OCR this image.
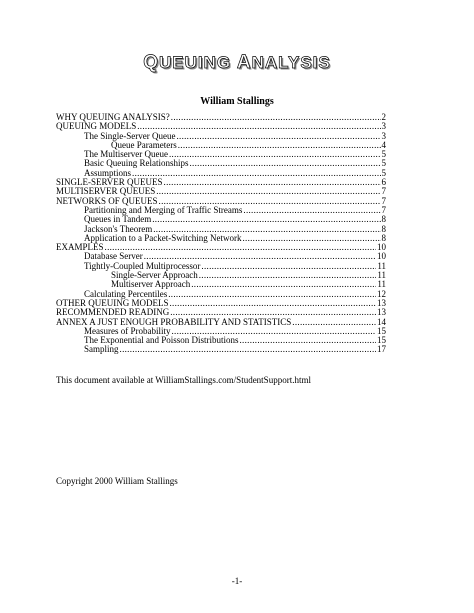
QUEUING ANALYSIS
William Stallings
WHY QUEUING ANALYSIS? .....	2
QUEUING MODELS .....	3
The Single-Server Queue .....	3
Queue Parameters .....	4
The Multiserver Queue .....	5
Basic Queuing Relationships .....	5
Assumptions .....	5
SINGLE-SERVER QUEUES .....	6
MULTISERVER QUEUES .....	7
NETWORKS OF QUEUES .....	7
Partitioning and Merging of Traffic Streams .....	7
Queues in Tandem .....	8
Jackson's Theorem .....	8
Application to a Packet-Switching Network .....	8
EXAMPLES .....	10
Database Server .....	10
Tightly-Coupled Multiprocessor .....	11
Single-Server Approach .....	11
Multiserver Approach .....	11
Calculating Percentiles .....	12
OTHER QUEUING MODELS .....	13
RECOMMENDED READING .....	13
ANNEX A JUST ENOUGH PROBABILITY AND STATISTICS .....	14
Measures of Probability .....	15
The Exponential and Poisson Distributions .....	15
Sampling .....	17
This document available at WilliamStallings.com/StudentSupport.html
Copyright 2000 William Stallings
-1-
